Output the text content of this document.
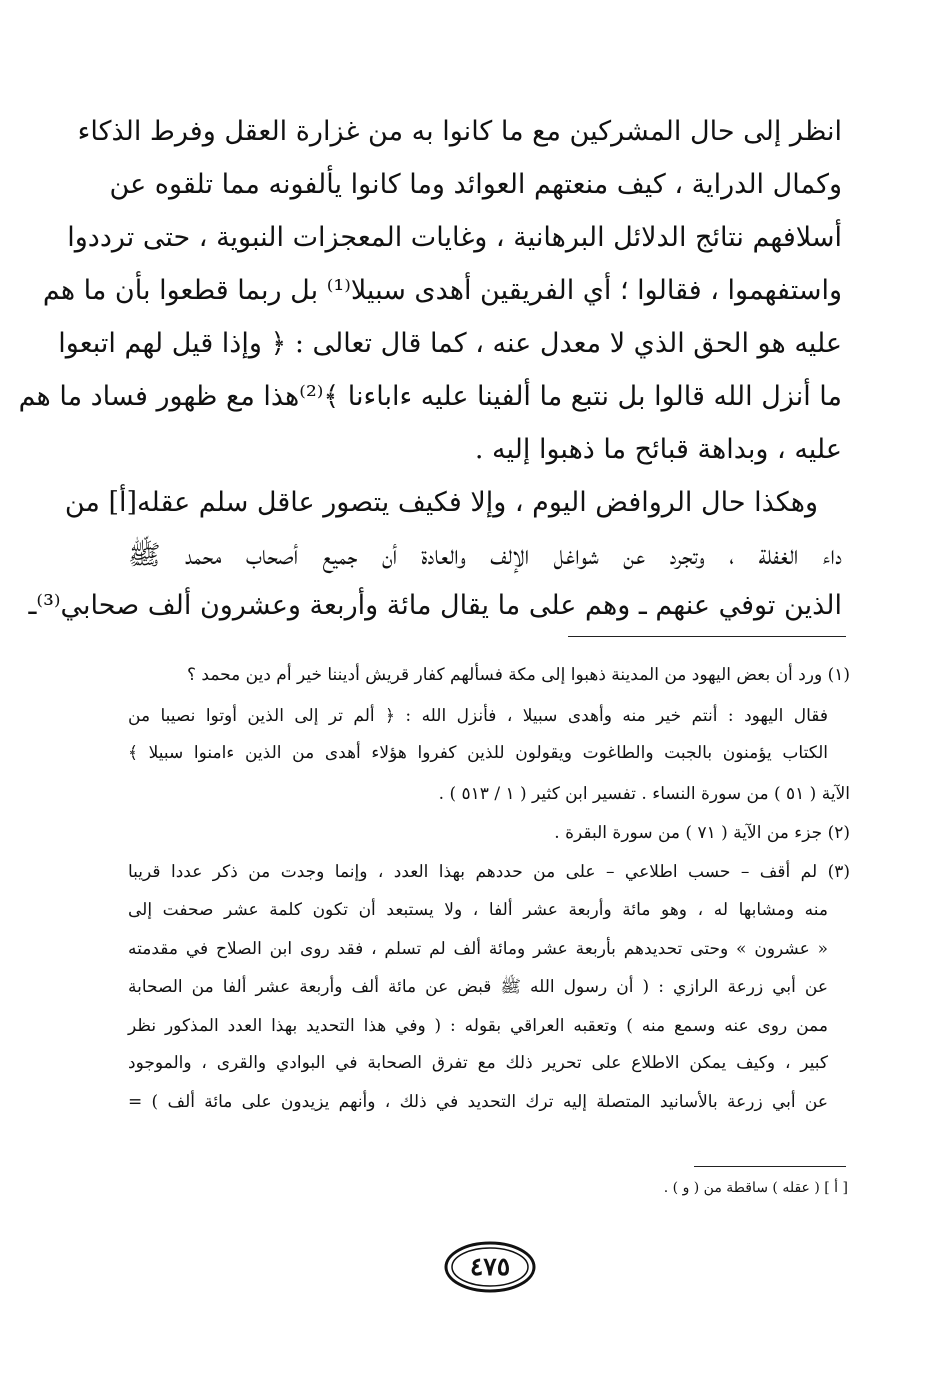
انظر إلى حال المشركين مع ما كانوا به من غزارة العقل وفرط الذكاء
وكمال الدراية ، كيف منعتهم العوائد وما كانوا يألفونه مما تلقوه عن
أسلافهم نتائج الدلائل البرهانية ، وغايات المعجزات النبوية ، حتى ترددوا
واستفهموا ، فقالوا ؛ أي الفريقين أهدى سبيلا⁽¹⁾ بل ربما قطعوا بأن ما هم
عليه هو الحق الذي لا معدل عنه ، كما قال تعالى : ﴿ وإذا قيل لهم اتبعوا
ما أنزل الله قالوا بل نتبع ما ألفينا عليه ءاباءنا ﴾⁽²⁾هذا مع ظهور فساد ما هم
عليه ، وبداهة قبائح ما ذهبوا إليه .
وهكذا حال الروافض اليوم ، وإلا فكيف يتصور عاقل سلم عقله[أ] من
داء الغفلة ، وتجرد عن شواغل الإلف والعادة أن جميع أصحاب محمد ﷺ
الذين توفي عنهم ـ وهم على ما يقال مائة وأربعة وعشرون ألف صحابي⁽³⁾ـ
(١) ورد أن بعض اليهود من المدينة ذهبوا إلى مكة فسألهم كفار قريش أديننا خير أم دين محمد ؟
فقال اليهود : أنتم خير منه وأهدى سبيلا ، فأنزل الله : ﴿ ألم تر إلى الذين أوتوا نصيبا من
الكتاب يؤمنون بالجبت والطاغوت ويقولون للذين كفروا هؤلاء أهدى من الذين ءامنوا سبيلا ﴾
الآية ( ٥١ ) من سورة النساء . تفسير ابن كثير ( ١ / ٥١٣ ) .
(٢) جزء من الآية ( ٧١ ) من سورة البقرة .
(٣) لم أقف – حسب اطلاعي – على من حددهم بهذا العدد ، وإنما وجدت من ذكر عددا قريبا
منه ومشابها له ، وهو مائة وأربعة عشر ألفا ، ولا يستبعد أن تكون كلمة عشر صحفت إلى
« عشرون » وحتى تحديدهم بأربعة عشر ومائة ألف لم تسلم ، فقد روى ابن الصلاح في مقدمته
عن أبي زرعة الرازي : ( أن رسول الله ﷺ قبض عن مائة ألف وأربعة عشر ألفا من الصحابة
ممن روى عنه وسمع منه ) وتعقبه العراقي بقوله : ( وفي هذا التحديد بهذا العدد المذكور نظر
كبير ، وكيف يمكن الاطلاع على تحرير ذلك مع تفرق الصحابة في البوادي والقرى ، والموجود
عن أبي زرعة بالأسانيد المتصلة إليه ترك التحديد في ذلك ، وأنهم يزيدون على مائة ألف ) =
[ أ ] ( عقله ) ساقطة من ( و ) .
٤٧٥
